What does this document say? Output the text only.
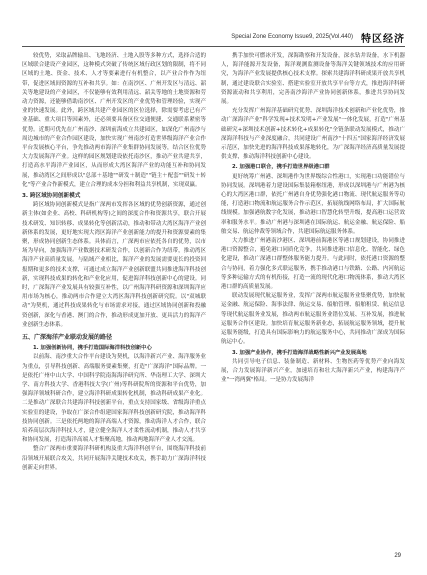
Special Zone Economy Issue9, 2025(Vol.440) 特区经济

较优势，采取品牌输出、飞地经济、土地入股等多种方式，选择合适的区域联合建设产业园区，这种模式突破了传统区域行政区划的限制，将不同区域的土地、资金、技术、人才等要素进行有机整合，以产业合作作为纽带，促进区域间资源的互补和共享。如：在南沙区、广州开发区与清远、韶关等地建设的产业园区，不仅能够有效利用清远、韶关等地的土地资源和劳动力资源，还能够借助南沙区、广州开发区的产业优势和管理经验，实现产业的快速发展。此外，跨区域共建产业园区的区位选择，除需要考虑已有产业基础、重大项目等因素外，还必须要具备区位交通便捷、交通联系紧密等优势。近期可优先在广州南沙、深圳前海成立共建园区，如深化广州南沙与周边城市的产业合作园区建设，加快实现广州南沙打造世界级海洋产业合作平台发展核心平台，争先推动两市海洋产业集群协同发展等，结合区位优势大力发展海洋产业。这样的园区规划建设依托南沙区，推动产业共建共享，打造高水平海洋产业园区，从而形成大湾区海洋产业的功能互补和协同发展，推动湾区之间形成以"总部＋基地""研发＋制造""链主＋配套""研发＋转化"等产业合作新模式，建立合理的成本分担和利益共享机制，实现双赢。

3. 跨区域协同创新模式

跨区域协同创新模式是指广深两市发挥各区域的优势创新资源，通过创新主体(如企业、高校、科研机构等)之间的深度合作和资源共享，联合开展技术研发、知识转移、成果转化等创新活动，推动和带动大湾区海洋产业创新体系的发展，更好地实现大湾区海洋产业创新能力的提升和资源要素的集聚，形成协同创新生态体系。具体而言，广深两市应依托各自的优势，以市场为导向，加强海洋产业数据技术研发合作，以创新合作为纽带，推动湾区海洋产业高质量发展。与陆域产业相比，海洋产业的发展需要更长的投资回报期和更多的技术支撑，可通过成立海洋产业创新联盟共同推进海洋科技创新，实现科技成果的转化和产业化应用，促进海洋科技创新中心的建设。同时，广深海洋产业发展具有较强互补性，以广州海洋科研资源和深圳海洋应用市场为核心，推动两市合作建立大湾区海洋科技创新研究院。以"双城联动"为契机，通过科技成果转化与市场需求对接，通过区域协同创新和投融资创新，深化与香港、澳门的合作，推动形成更加开放、更具活力的海洋产业创新生态体系。

五、广深海洋产业联动发展的路径
1. 加强创新协同，携手打造国际海洋科技创新中心

以前海、南沙重大合作平台建设为契机，以海洋新兴产业、海洋服务业为重点，引导科技创新、高端服务要素集聚，打造"广深海洋"国际品牌。一是依托广州中山大学、中国科学院南海海洋研究所、华南理工大学、深圳大学、南方科技大学、香港科技大学(广州)等科研院所的资源和平台优势，加强海洋领域科研合作，建立海洋科研成果转化机制，推动科研成果产业化。二是推动广深联合共建海洋科技创新平台，重点支持国家级、省级海洋重点实验室的建设，争取在广深合作组建国家海洋科技创新研究院，推动海洋科技协同创新。三是依托两地的海洋高端人才资源，推动海洋人才合作，联合培养高层次海洋科技人才，建立健全海洋人才柔性流动机制，推动人才共享和协同发展，打造海洋高端人才集聚高地，推动两地海洋产业人才交流。

整合广深两市重要海洋科研机构及重大海洋科创平台，围绕海洋科技前沿领域开展联合攻关，共同开展海洋关键技术攻关，携手助力广深海洋科技创新走向世界。

携手加快可燃冰开发，深海勘察和开发设备，深水钻井设备，水下机器人，海洋能源开发设备，海洋观测监测设备等海洋关键领域技术的应用研究，为海洋产业发展提供核心技术支撑。探索共建海洋科研成果开放共享机制，通过建设联合实验室、搭建实验室开放共享平台等方式，推进海洋科研资源流动和共享利用，完善南沙海洋产业协同创新体系，推进共享协同发展。

充分发挥广州海洋基础研究优势、深圳海洋技术创新和产业化优势，推动广深海洋产业"科学发现+技术发明+产业发展"一体化发展，打造"广州基础研究+深圳技术创新+技术转化+成果转化"全链条联动发展模式，推动广深海洋科技与产业深度融合，共同建设广州南沙"十四五"国家海洋经济发展示范区，加快先进的海洋科技成果落地转化，为广深海洋经济高质量发展提供支撑，推动海洋科技创新中心建设。

2. 加强港口联合，携手打造世界级港口群

更好统筹广州港、深圳港作为世界级综合性港口，实现港口功能错位与协同发展。深圳港着力建设国际集装箱枢纽港，形成以深圳港与广州港为核心的大湾区港口群，依托广州港自身优势强化港口物流、现代航运服务等功能，打造港口物流和航运服务合作示范区，拓展航线网络布局，扩大国际航线规模。加强港航数字化发展，推动港口智慧化转型升级，提高港口运营效率和服务水平。推动广州港与深圳港在国际航运、航运金融、航运保险、船舶交易、航运仲裁等领域合作，共建国际航运服务体系。

大力推进广州港南沙港区、深圳港前海港区等港口规划建设，协同推进港口资源整合，避免港口同质化竞争，共同推进港口信息化、智能化、绿色化建设，推动广深港口群整体服务能力提升。与此同时，依托港口资源的整合与协同，着力强化多式联运服务，携手推动港口与铁路、公路、内河航运等多种运输方式的有机衔接，打造一流的现代化港口物流体系，推动大湾区港口群的高质量发展。

联动发展现代航运服务业，发挥广深两市航运服务业集聚优势，加快航运金融、航运保险、海事法律、航运交易、船舶管理、船舶租赁、航运信息等现代航运服务业发展，推动两市航运服务业错位发展、互补发展，推进航运服务合作区建设。加快培育航运服务新业态，拓展航运服务领域，提升航运服务能级，打造具有国际影响力的航运服务中心，共同推动广深成为国际航运中心。

3. 加强产业协作，携手打造海洋战略性新兴产业发展高地

共同引导电子信息、装备制造、新材料、生物医药等优势产业向海发展，合力发展海洋新兴产业，加速培育和壮大海洋新兴产业，构建海洋产业"一湾两翼"格局。一是协力发展海洋

29
